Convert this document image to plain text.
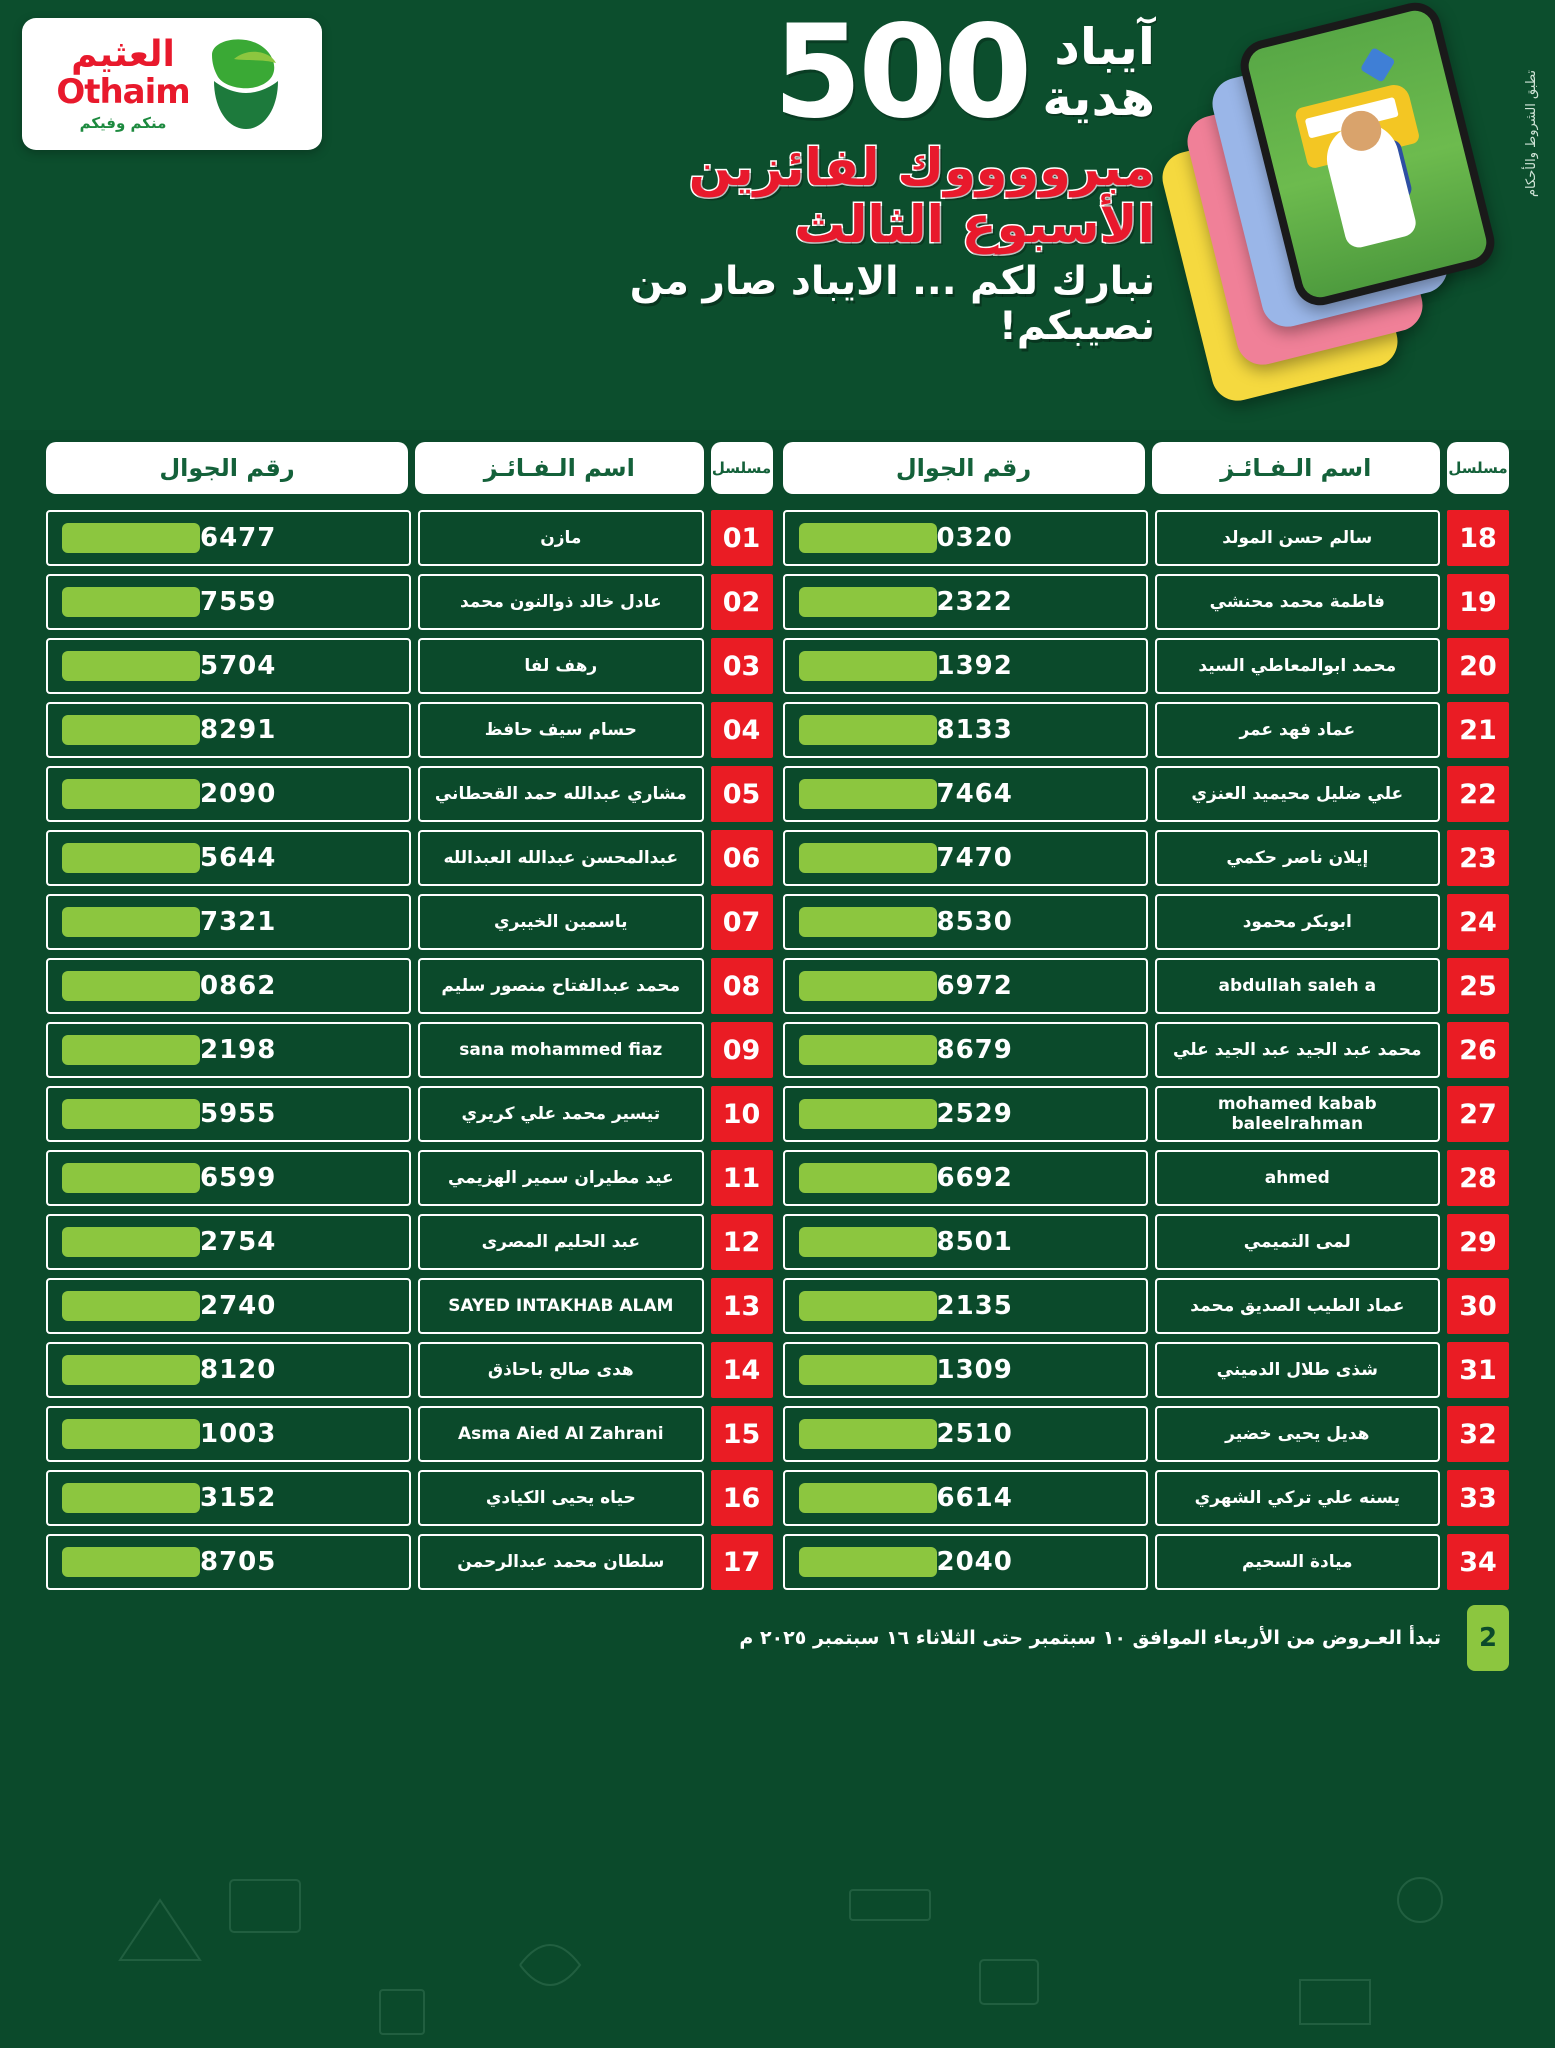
تطبق الشروط والأحكام
آيباد
هدية
500
مبرووووك لفائزين الأسبوع الثالث
نبارك لكم ... الايباد صار من نصيبكم!
العثيم
Othaim
منكم وفيكم
مسلسل
اسم الـفـائـز
رقم الجوال
18
سالم حسن المولد
0320
19
فاطمة محمد محنشي
2322
20
محمد ابوالمعاطي السيد
1392
21
عماد فهد عمر
8133
22
علي ضليل محيميد العنزي
7464
23
إيلان ناصر حكمي
7470
24
ابوبكر محمود
8530
25
abdullah saleh a
6972
26
محمد عبد الجيد عبد الجيد علي
8679
27
mohamed kabab baleelrahman
2529
28
ahmed
6692
29
لمى التميمي
8501
30
عماد الطيب الصديق محمد
2135
31
شذى طلال الدميني
1309
32
هديل يحيى خضير
2510
33
يسنه علي تركي الشهري
6614
34
ميادة السحيم
2040
مسلسل
اسم الـفـائـز
رقم الجوال
01
مازن
6477
02
عادل خالد ذوالنون محمد
7559
03
رهف لفا
5704
04
حسام سيف حافظ
8291
05
مشاري عبدالله حمد القحطاني
2090
06
عبدالمحسن عبدالله العبدالله
5644
07
ياسمين الخيبري
7321
08
محمد عبدالفتاح منصور سليم
0862
09
sana mohammed fiaz
2198
10
تيسير محمد علي كريري
5955
11
عيد مطيران سمير الهزيمي
6599
12
عبد الحليم المصرى
2754
13
SAYED INTAKHAB ALAM
2740
14
هدى صالح باحاذق
8120
15
Asma Aied Al Zahrani
1003
16
حياه يحيى الكيادي
3152
17
سلطان محمد عبدالرحمن
8705
2
تبدأ العـروض من الأربعاء الموافق ١٠ سبتمبر حتى الثلاثاء ١٦ سبتمبر ٢٠٢٥ م
